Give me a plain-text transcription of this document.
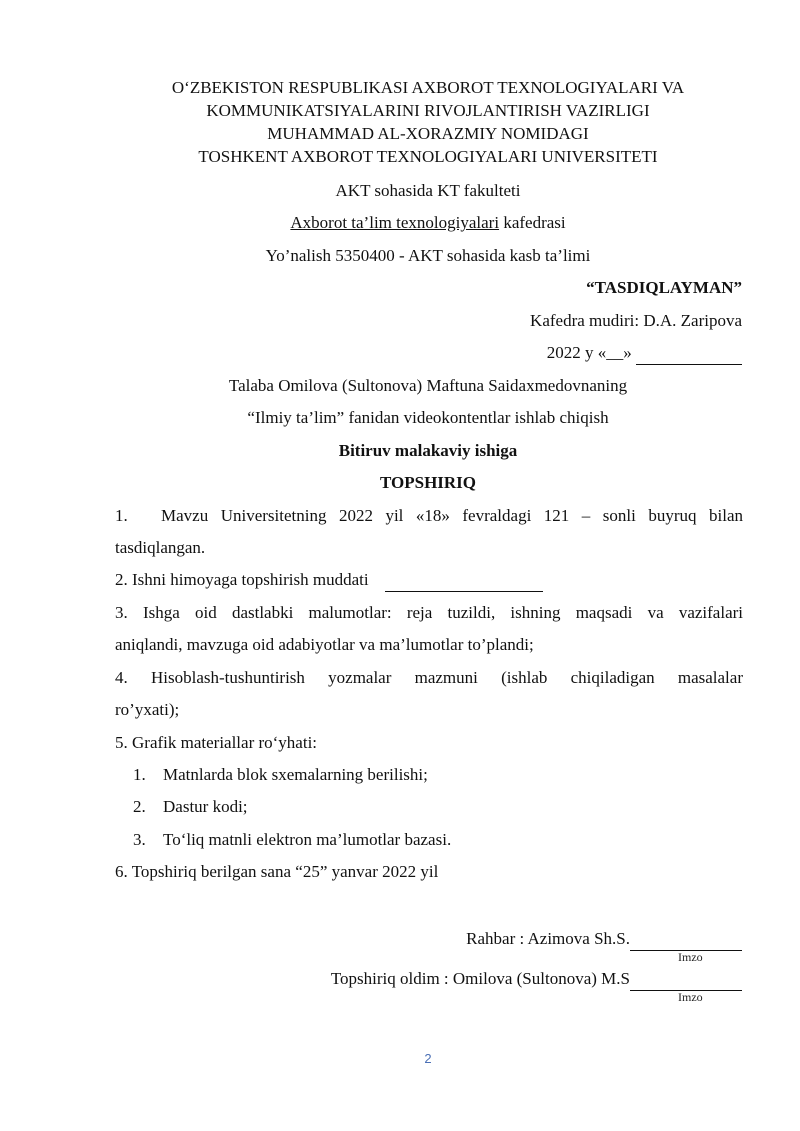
O‘ZBEKISTON RESPUBLIKASI AXBOROT TEXNOLOGIYALARI VA
KOMMUNIKATSIYALARINI RIVOJLANTIRISH VAZIRLIGI
MUHAMMAD AL-XORAZMIY NOMIDAGI
TOSHKENT AXBOROT TEXNOLOGIYALARI UNIVERSITETI
AKT sohasida KT fakulteti
Axborot ta’lim texnologiyalari kafedrasi
Yo’nalish 5350400 - AKT sohasida kasb ta’limi
“TASDIQLAYMAN”
Kafedra mudiri: D.A. Zaripova
2022 y «__»
Talaba Omilova (Sultonova) Maftuna Saidaxmedovnaning
“Ilmiy ta’lim” fanidan videokontentlar ishlab chiqish
Bitiruv malakaviy ishiga
TOPSHIRIQ
1.	Mavzu Universitetning 2022 yil «18» fevraldagi 121 – sonli buyruq bilan
tasdiqlangan.
2. Ishni himoyaga topshirish muddati
3. Ishga oid dastlabki malumotlar: reja tuzildi, ishning maqsadi va vazifalari
aniqlandi, mavzuga oid adabiyotlar va ma’lumotlar to’plandi;
4. Hisoblash-tushuntirish yozmalar mazmuni (ishlab chiqiladigan masalalar
ro’yxati);
5. Grafik materiallar ro‘yhati:
1. Matnlarda blok sxemalarning berilishi;
2. Dastur kodi;
3. To‘liq matnli elektron ma’lumotlar bazasi.
6. Topshiriq berilgan sana “25” yanvar 2022 yil
Rahbar : Azimova Sh.S.
Imzo
Topshiriq oldim : Omilova (Sultonova) M.S
Imzo
2
